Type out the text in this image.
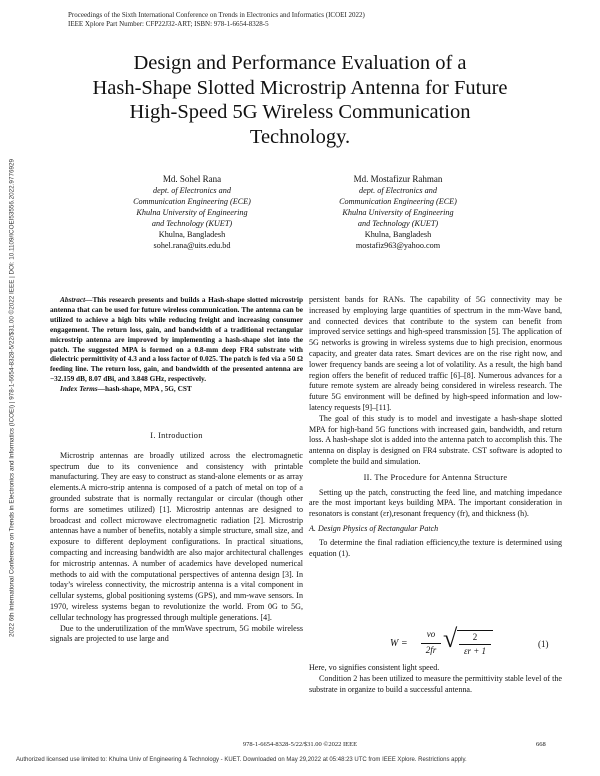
Proceedings of the Sixth International Conference on Trends in Electronics and Informatics (ICOEI 2022)
IEEE Xplore Part Number: CFP22J32-ART; ISBN: 978-1-6654-8328-5
2022 6th International Conference on Trends in Electronics and Informatics (ICOEI) | 978-1-6654-8328-5/22/$31.00 ©2022 IEEE | DOI: 10.1109/ICOEI53556.2022.9776929
Design and Performance Evaluation of a
Hash-Shape Slotted Microstrip Antenna for Future
High-Speed 5G Wireless Communication
Technology.
Md. Sohel Rana
dept. of Electronics and
Communication Engineering (ECE)
Khulna University of Engineering
and Technology (KUET)
Khulna, Bangladesh
sohel.rana@uits.edu.bd
Md. Mostafizur Rahman
dept. of Electronics and
Communication Engineering (ECE)
Khulna University of Engineering
and Technology (KUET)
Khulna, Bangladesh
mostafiz963@yahoo.com
Abstract—This research presents and builds a Hash-shape slotted microstrip antenna that can be used for future wireless communication. The antenna can be utilized to achieve a high bits while reducing freight and increasing consumer engagement. The return loss, gain, and bandwidth of a traditional rectangular microstrip antenna are improved by implementing a hash-shape slot into the patch. The suggested MPA is formed on a 0.8-mm deep FR4 substrate with dielectric permittivity of 4.3 and a loss factor of 0.025. The patch is fed via a 50 Ω feeding line. The return loss, gain, and bandwidth of the presented antenna are −32.159 dB, 8.07 dBi, and 3.848 GHz, respectively.
Index Terms—hash-shape, MPA , 5G, CST
I. Introduction

Microstrip antennas are broadly utilized across the electromagnetic spectrum due to its convenience and consistency with printable manufacturing. They are easy to construct as stand-alone elements or as array elements.A micro-strip antenna is composed of a patch of metal on top of a grounded substrate that is normally rectangular or circular (though other forms are sometimes utilized) [1]. Microstrip antennas are designed to broadcast and collect microwave electromagnetic radiation [2]. Microstrip antennas have a number of benefits, notably a simple structure, small size, and exposure to different deployment configurations. In practical situations, compacting and increasing bandwidth are also major architectural challenges for microstrip antennas. A number of academics have developed numerical methods to aid with the computational perspectives of antenna design [3]. In today’s wireless connectivity, the microstrip antenna is a vital component in cellular systems, global positioning systems (GPS), and mm-wave sensors. In 1970, wireless systems began to revolutionize the world. From 0G to 5G, cellular technology has progressed through multiple generations. [4].

Due to the underutilization of the mmWave spectrum, 5G mobile wireless signals are projected to use large and

persistent bands for RANs. The capability of 5G connectivity may be increased by employing large quantities of spectrum in the mm-Wave band, and connected devices that contribute to the system can benefit from improved service settings and high-speed transmission [5]. The application of 5G networks is growing in wireless systems due to high precision, enormous capacity, and greater data rates. Smart devices are on the rise right now, and lower frequency bands are seeing a lot of volatility. As a result, the high band region offers the benefit of reduced traffic [6]–[8]. Numerous advances for a future remote system are already being considered in wireless research. The future 5G environment will be defined by high-speed information and low-latency requests [9]–[11].

The goal of this study is to model and investigate a hash-shape slotted MPA for high-band 5G functions with increased gain, bandwidth, and return loss. A hash-shape slot is added into the antenna patch to accomplish this. The antenna on display is designed on FR4 substrate. CST software is adopted to complete the build and simulation.

II. The Procedure for Antenna Structure

Setting up the patch, constructing the feed line, and matching impedance are the most important keys building MPA. The important consideration in resonators is constant (εr),resonant frequency (fr), and thickness (h).

A. Design Physics of Rectangular Patch

To determine the final radiation efficiency,the texture is determined using equation (1).

W =
vo
2fr √	2
εr + 1
(1)

Here, vo signifies consistent light speed.

Condition 2 has been utilized to measure the permittivity stable level of the substrate in organize to build a successful antenna.

978-1-6654-8328-5/22/$31.00 ©2022 IEEE	668
Authorized licensed use limited to: Khulna Univ of Engineering & Technology - KUET. Downloaded on May 29,2022 at 05:48:23 UTC from IEEE Xplore. Restrictions apply.
